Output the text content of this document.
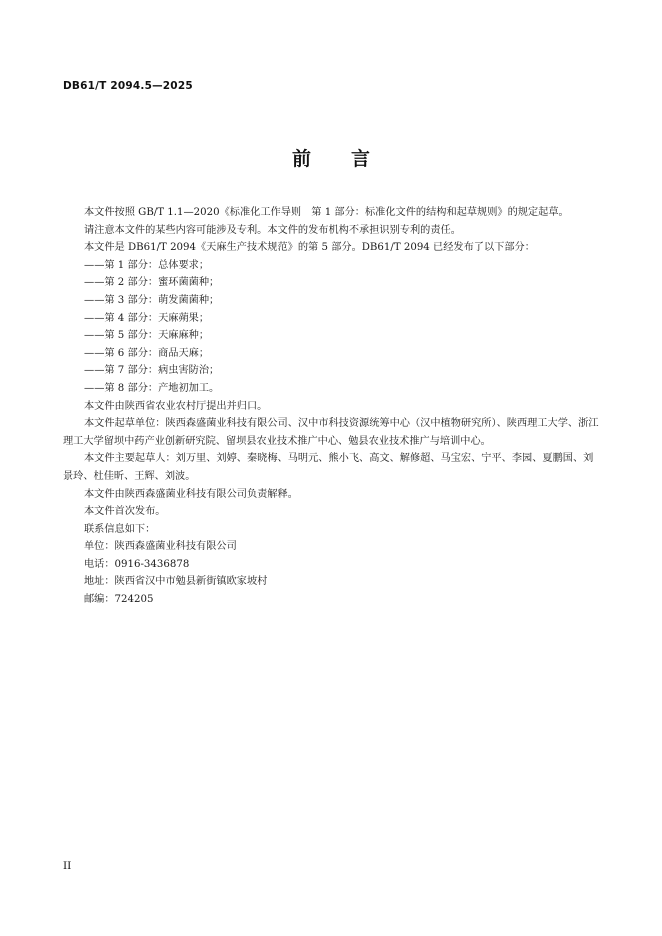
DB61/T 2094.5—2025
前 言

本文件按照 GB/T 1.1—2020《标准化工作导则　第 1 部分：标准化文件的结构和起草规则》的规定起草。

请注意本文件的某些内容可能涉及专利。本文件的发布机构不承担识别专利的责任。

本文件是 DB61/T 2094《天麻生产技术规范》的第 5 部分。DB61/T 2094 已经发布了以下部分：

——第 1 部分：总体要求；

——第 2 部分：蜜环菌菌种；

——第 3 部分：萌发菌菌种；

——第 4 部分：天麻蒴果；

——第 5 部分：天麻麻种；

——第 6 部分：商品天麻；

——第 7 部分：病虫害防治；

——第 8 部分：产地初加工。

本文件由陕西省农业农村厅提出并归口。

本文件起草单位：陕西森盛菌业科技有限公司、汉中市科技资源统筹中心（汉中植物研究所）、陕西理工大学、浙江理工大学留坝中药产业创新研究院、留坝县农业技术推广中心、勉县农业技术推广与培训中心。

本文件主要起草人：刘万里、刘婷、秦晓梅、马明元、熊小飞、高文、解修超、马宝宏、宁平、李园、夏鹏国、刘景玲、杜佳昕、王辉、刘波。

本文件由陕西森盛菌业科技有限公司负责解释。

本文件首次发布。

联系信息如下：

单位：陕西森盛菌业科技有限公司

电话：0916-3436878

地址：陕西省汉中市勉县新街镇欧家坡村

邮编：724205

II
